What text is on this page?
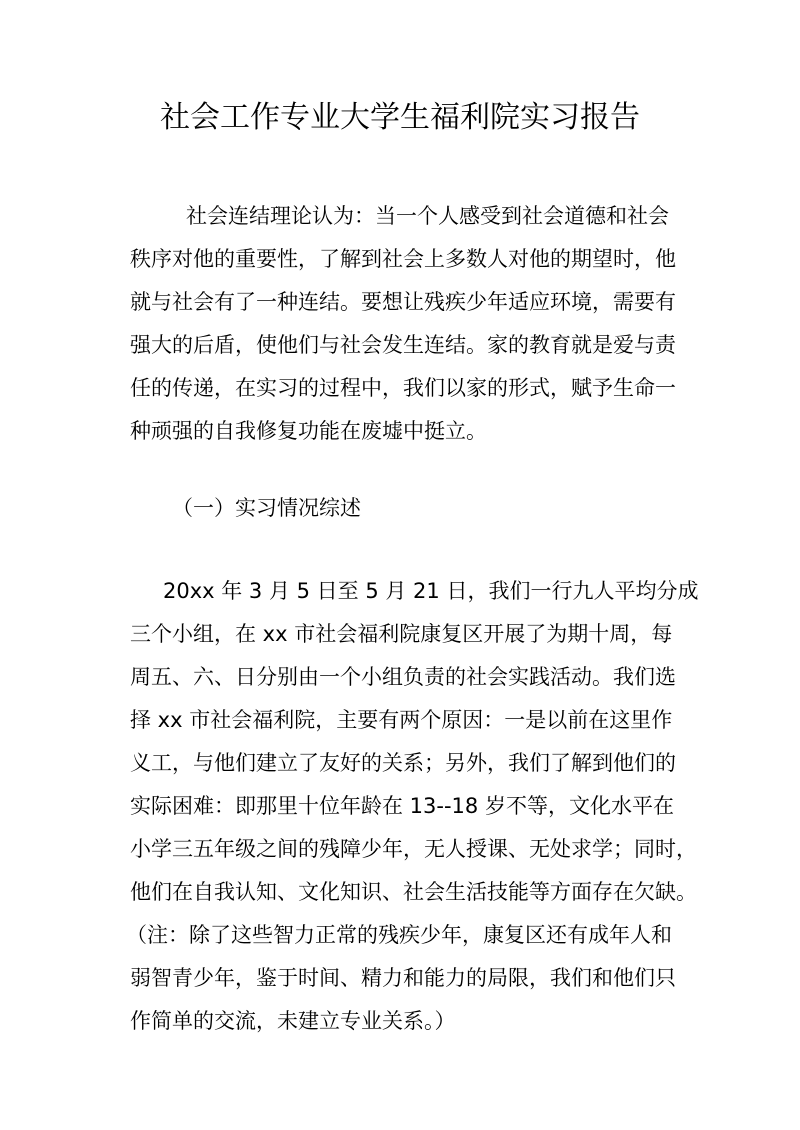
社会工作专业大学生福利院实习报告
社会连结理论认为：当一个人感受到社会道德和社会
秩序对他的重要性，了解到社会上多数人对他的期望时，他
就与社会有了一种连结。要想让残疾少年适应环境，需要有
强大的后盾，使他们与社会发生连结。家的教育就是爱与责
任的传递，在实习的过程中，我们以家的形式，赋予生命一
种顽强的自我修复功能在废墟中挺立。
（一）实习情况综述
20xx 年 3 月 5 日至 5 月 21 日，我们一行九人平均分成
三个小组，在 xx 市社会福利院康复区开展了为期十周，每
周五、六、日分别由一个小组负责的社会实践活动。我们选
择 xx 市社会福利院，主要有两个原因：一是以前在这里作
义工，与他们建立了友好的关系；另外，我们了解到他们的
实际困难：即那里十位年龄在 13--18 岁不等，文化水平在
小学三五年级之间的残障少年，无人授课、无处求学；同时，
他们在自我认知、文化知识、社会生活技能等方面存在欠缺。
（注：除了这些智力正常的残疾少年，康复区还有成年人和
弱智青少年，鉴于时间、精力和能力的局限，我们和他们只
作简单的交流，未建立专业关系。）
